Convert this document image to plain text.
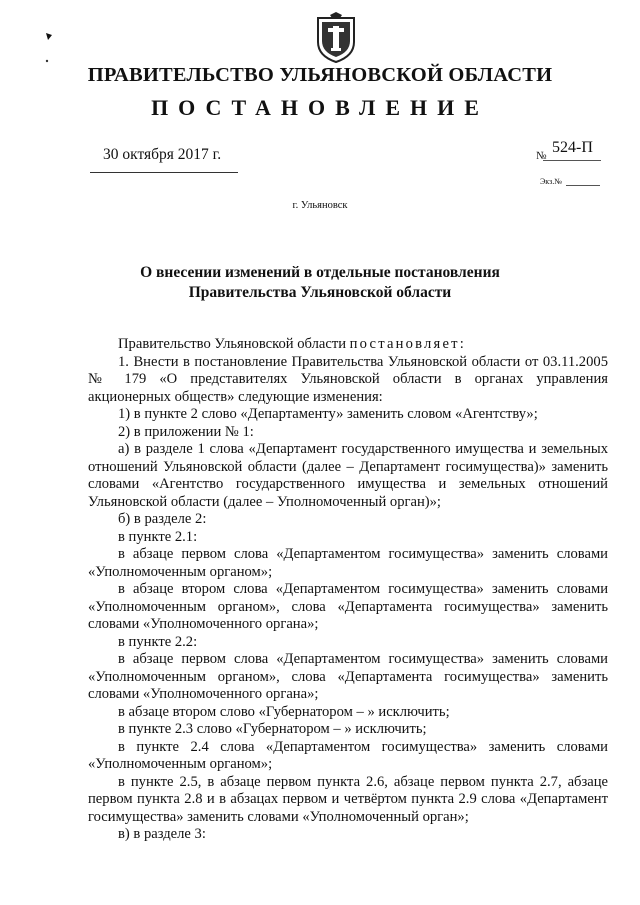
ПРАВИТЕЛЬСТВО УЛЬЯНОВСКОЙ ОБЛАСТИ
ПОСТАНОВЛЕНИЕ
30 октября 2017 г.	№ 524-П
Экз.№
г. Ульяновск
О внесении изменений в отдельные постановления
Правительства Ульяновской области

Правительство Ульяновской области постановляет:

1. Внести в постановление Правительства Ульяновской области от 03.11.2005 № 179 «О представителях Ульяновской области в органах управления акционерных обществ» следующие изменения:

1) в пункте 2 слово «Департаменту» заменить словом «Агентству»;

2) в приложении № 1:

а) в разделе 1 слова «Департамент государственного имущества и земельных отношений Ульяновской области (далее – Департамент госимущества)» заменить словами «Агентство государственного имущества и земельных отношений Ульяновской области (далее – Уполномоченный орган)»;

б) в разделе 2:

в пункте 2.1:

в абзаце первом слова «Департаментом госимущества» заменить словами «Уполномоченным органом»;

в абзаце втором слова «Департаментом госимущества» заменить словами «Уполномоченным органом», слова «Департамента госимущества» заменить словами «Уполномоченного органа»;

в пункте 2.2:

в абзаце первом слова «Департаментом госимущества» заменить словами «Уполномоченным органом», слова «Департамента госимущества» заменить словами «Уполномоченного органа»;

в абзаце втором слово «Губернатором – » исключить;

в пункте 2.3 слово «Губернатором – » исключить;

в пункте 2.4 слова «Департаментом госимущества» заменить словами «Уполномоченным органом»;

в пункте 2.5, в абзаце первом пункта 2.6, абзаце первом пункта 2.7, абзаце первом пункта 2.8 и в абзацах первом и четвёртом пункта 2.9 слова «Департамент госимущества» заменить словами «Уполномоченный орган»;

в) в разделе 3:
